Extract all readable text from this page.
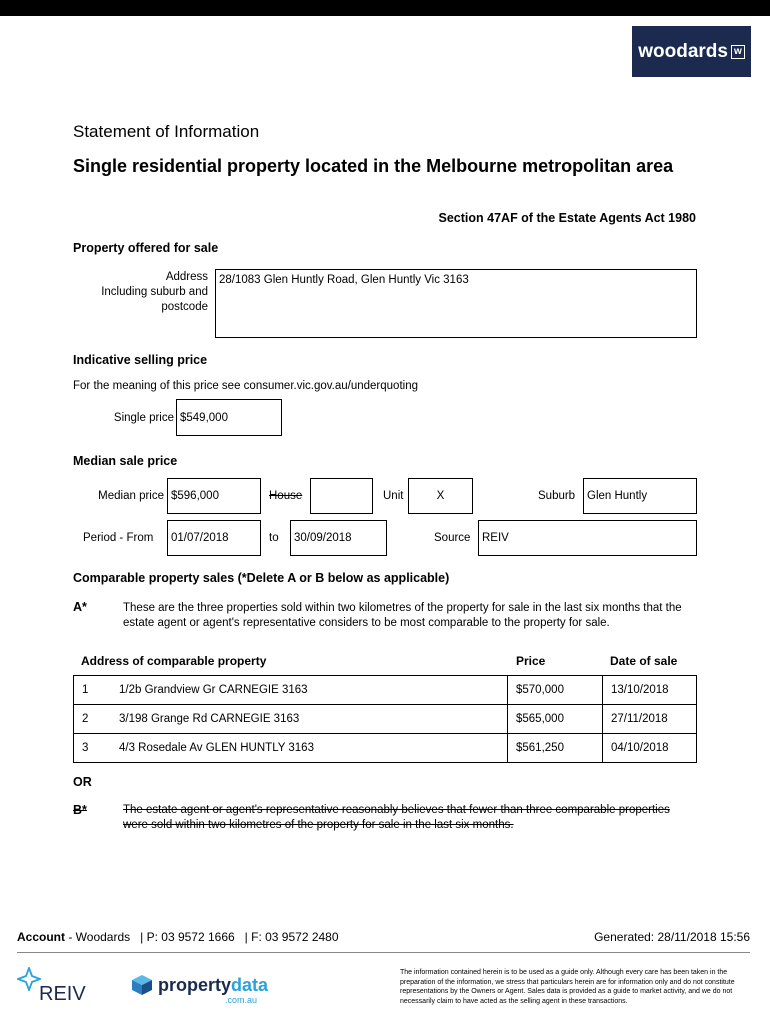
woodards w
Statement of Information
Single residential property located in the Melbourne metropolitan area
Section 47AF of the Estate Agents Act 1980
Property offered for sale
Address
Including suburb and
postcode
28/1083 Glen Huntly Road, Glen Huntly Vic 3163
Indicative selling price
For the meaning of this price see consumer.vic.gov.au/underquoting
Single price $549,000
Median sale price
Median price $596,000	House	Unit	X	Suburb	Glen Huntly
Period - From	01/07/2018	to	30/09/2018	Source	REIV
Comparable property sales (*Delete A or B below as applicable)
A*	These are the three properties sold within two kilometres of the property for sale in the last six months that the estate agent or agent's representative considers to be most comparable to the property for sale.
Address of comparable property	Price	Date of sale
1	1/2b Grandview Gr CARNEGIE 3163	$570,000	13/10/2018
2	3/198 Grange Rd CARNEGIE 3163	$565,000	27/11/2018
3	4/3 Rosedale Av GLEN HUNTLY 3163	$561,250	04/10/2018
OR
B*	The estate agent or agent's representative reasonably believes that fewer than three comparable properties were sold within two kilometres of the property for sale in the last six months.
Account - Woodards   | P: 03 9572 1666   | F: 03 9572 2480	Generated: 28/11/2018 15:56
REIV	propertydata
.com.au
The information contained herein is to be used as a guide only. Although every care has been taken in the preparation of the information, we stress that particulars herein are for information only and do not constitute representations by the Owners or Agent. Sales data is provided as a guide to market activity, and we do not necessarily claim to have acted as the selling agent in these transactions.
